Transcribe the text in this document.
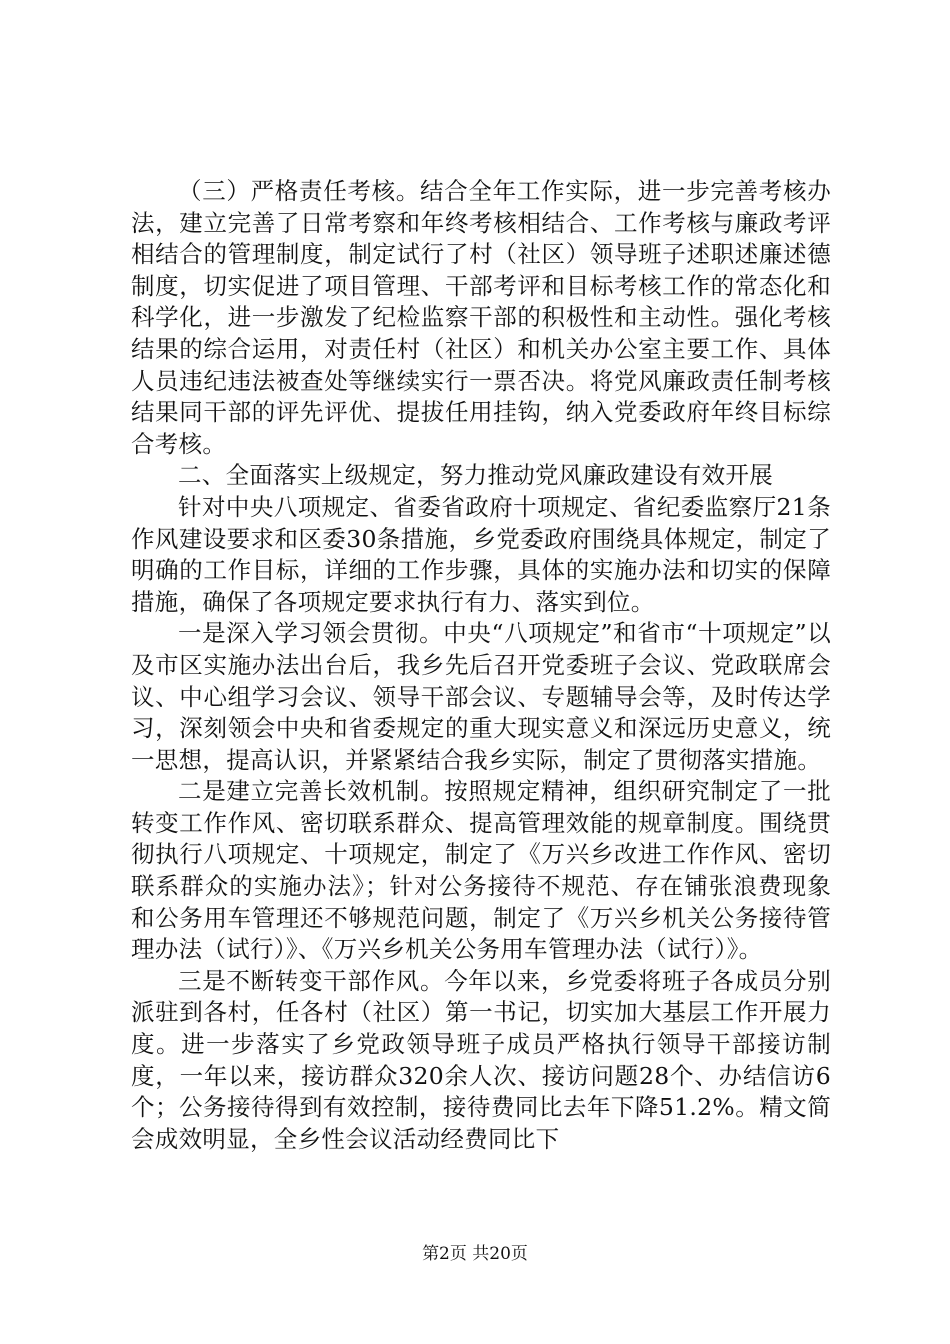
（三）严格责任考核。结合全年工作实际，进一步完善考核办法，建立完善了日常考察和年终考核相结合、工作考核与廉政考评相结合的管理制度，制定试行了村（社区）领导班子述职述廉述德制度，切实促进了项目管理、干部考评和目标考核工作的常态化和科学化，进一步激发了纪检监察干部的积极性和主动性。强化考核结果的综合运用，对责任村（社区）和机关办公室主要工作、具体人员违纪违法被查处等继续实行一票否决。将党风廉政责任制考核结果同干部的评先评优、提拔任用挂钩，纳入党委政府年终目标综合考核。

二、全面落实上级规定，努力推动党风廉政建设有效开展

针对中央八项规定、省委省政府十项规定、省纪委监察厅21条作风建设要求和区委30条措施，乡党委政府围绕具体规定，制定了明确的工作目标，详细的工作步骤，具体的实施办法和切实的保障措施，确保了各项规定要求执行有力、落实到位。

一是深入学习领会贯彻。中央“八项规定”和省市“十项规定”以及市区实施办法出台后，我乡先后召开党委班子会议、党政联席会议、中心组学习会议、领导干部会议、专题辅导会等，及时传达学习，深刻领会中央和省委规定的重大现实意义和深远历史意义，统一思想，提高认识，并紧紧结合我乡实际，制定了贯彻落实措施。

二是建立完善长效机制。按照规定精神，组织研究制定了一批转变工作作风、密切联系群众、提高管理效能的规章制度。围绕贯彻执行八项规定、十项规定，制定了《万兴乡改进工作作风、密切联系群众的实施办法》；针对公务接待不规范、存在铺张浪费现象和公务用车管理还不够规范问题，制定了《万兴乡机关公务接待管理办法（试行）》、《万兴乡机关公务用车管理办法（试行）》。

三是不断转变干部作风。今年以来，乡党委将班子各成员分别派驻到各村，任各村（社区）第一书记，切实加大基层工作开展力度。进一步落实了乡党政领导班子成员严格执行领导干部接访制度，一年以来，接访群众320余人次、接访问题28个、办结信访6个；公务接待得到有效控制，接待费同比去年下降51.2%。精文简会成效明显，全乡性会议活动经费同比下

第2页 共20页
